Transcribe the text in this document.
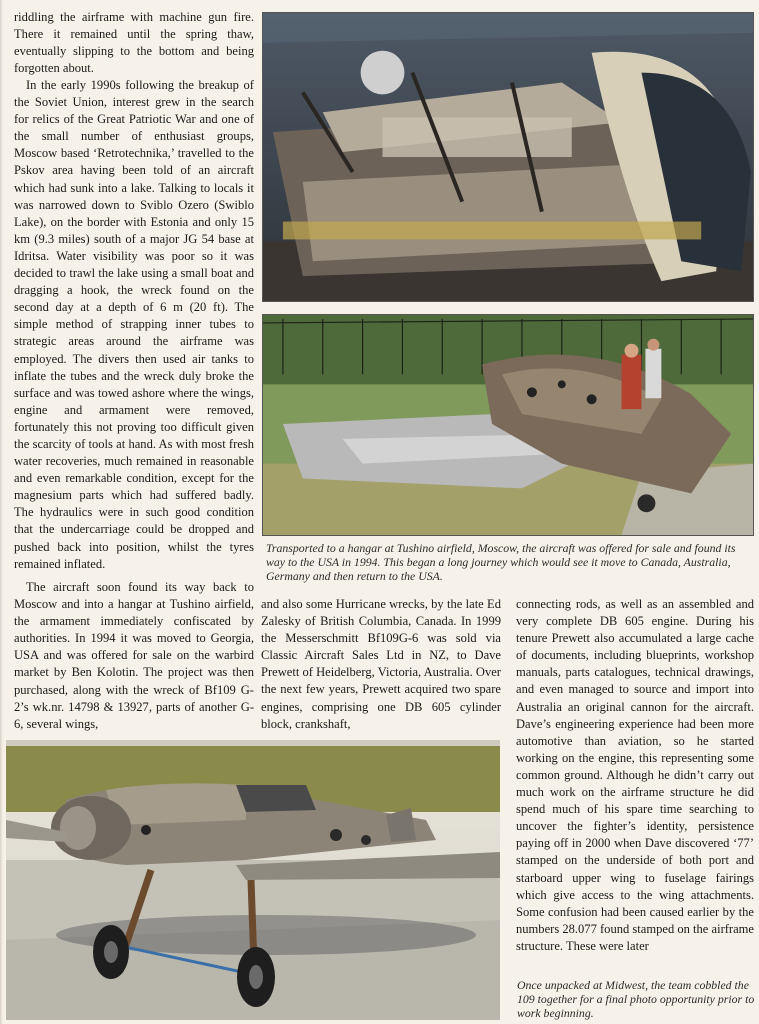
riddling the airframe with machine gun fire. There it remained until the spring thaw, eventually slipping to the bottom and being forgotten about.

In the early 1990s following the breakup of the Soviet Union, interest grew in the search for relics of the Great Patriotic War and one of the small number of enthusiast groups, Moscow based ‘Retrotechnika,’ travelled to the Pskov area having been told of an aircraft which had sunk into a lake. Talking to locals it was narrowed down to Sviblo Ozero (Swiblo Lake), on the border with Estonia and only 15 km (9.3 miles) south of a major JG 54 base at Idritsa. Water visibility was poor so it was decided to trawl the lake using a small boat and dragging a hook, the wreck found on the second day at a depth of 6 m (20 ft). The simple method of strapping inner tubes to strategic areas around the airframe was employed. The divers then used air tanks to inflate the tubes and the wreck duly broke the surface and was towed ashore where the wings, engine and armament were removed, fortunately this not proving too difficult given the scarcity of tools at hand. As with most fresh water recoveries, much remained in reasonable and even remarkable condition, except for the magnesium parts which had suffered badly. The hydraulics were in such good condition that the undercarriage could be dropped and pushed back into position, whilst the tyres remained inflated.

The aircraft soon found its way back to Moscow and into a hangar at Tushino airfield, the armament immediately confiscated by authorities. In 1994 it was moved to Georgia, USA and was offered for sale on the warbird market by Ben Kolotin. The project was then purchased, along with the wreck of Bf109 G-2’s wk.nr. 14798 & 13927, parts of another G-6, several wings,

and also some Hurricane wrecks, by the late Ed Zalesky of British Columbia, Canada. In 1999 the Messerschmitt Bf109G-6 was sold via Classic Aircraft Sales Ltd in NZ, to Dave Prewett of Heidelberg, Victoria, Australia. Over the next few years, Prewett acquired two spare engines, comprising one DB 605 cylinder block, crankshaft,

connecting rods, as well as an assembled and very complete DB 605 engine. During his tenure Prewett also accumulated a large cache of documents, including blueprints, workshop manuals, parts catalogues, technical drawings, and even managed to source and import into Australia an original cannon for the aircraft. Dave’s engineering experience had been more automotive than aviation, so he started working on the engine, this representing some common ground. Although he didn’t carry out much work on the airframe structure he did spend much of his spare time searching to uncover the fighter’s identity, persistence paying off in 2000 when Dave discovered ‘77’ stamped on the underside of both port and starboard upper wing to fuselage fairings which give access to the wing attachments. Some confusion had been caused earlier by the numbers 28.077 found stamped on the airframe structure. These were later

Transported to a hangar at Tushino airfield, Moscow, the aircraft was offered for sale and found its way to the USA in 1994. This began a long journey which would see it move to Canada, Australia, Germany and then return to the USA.

Once unpacked at Midwest, the team cobbled the 109 together for a final photo opportunity prior to work beginning.
